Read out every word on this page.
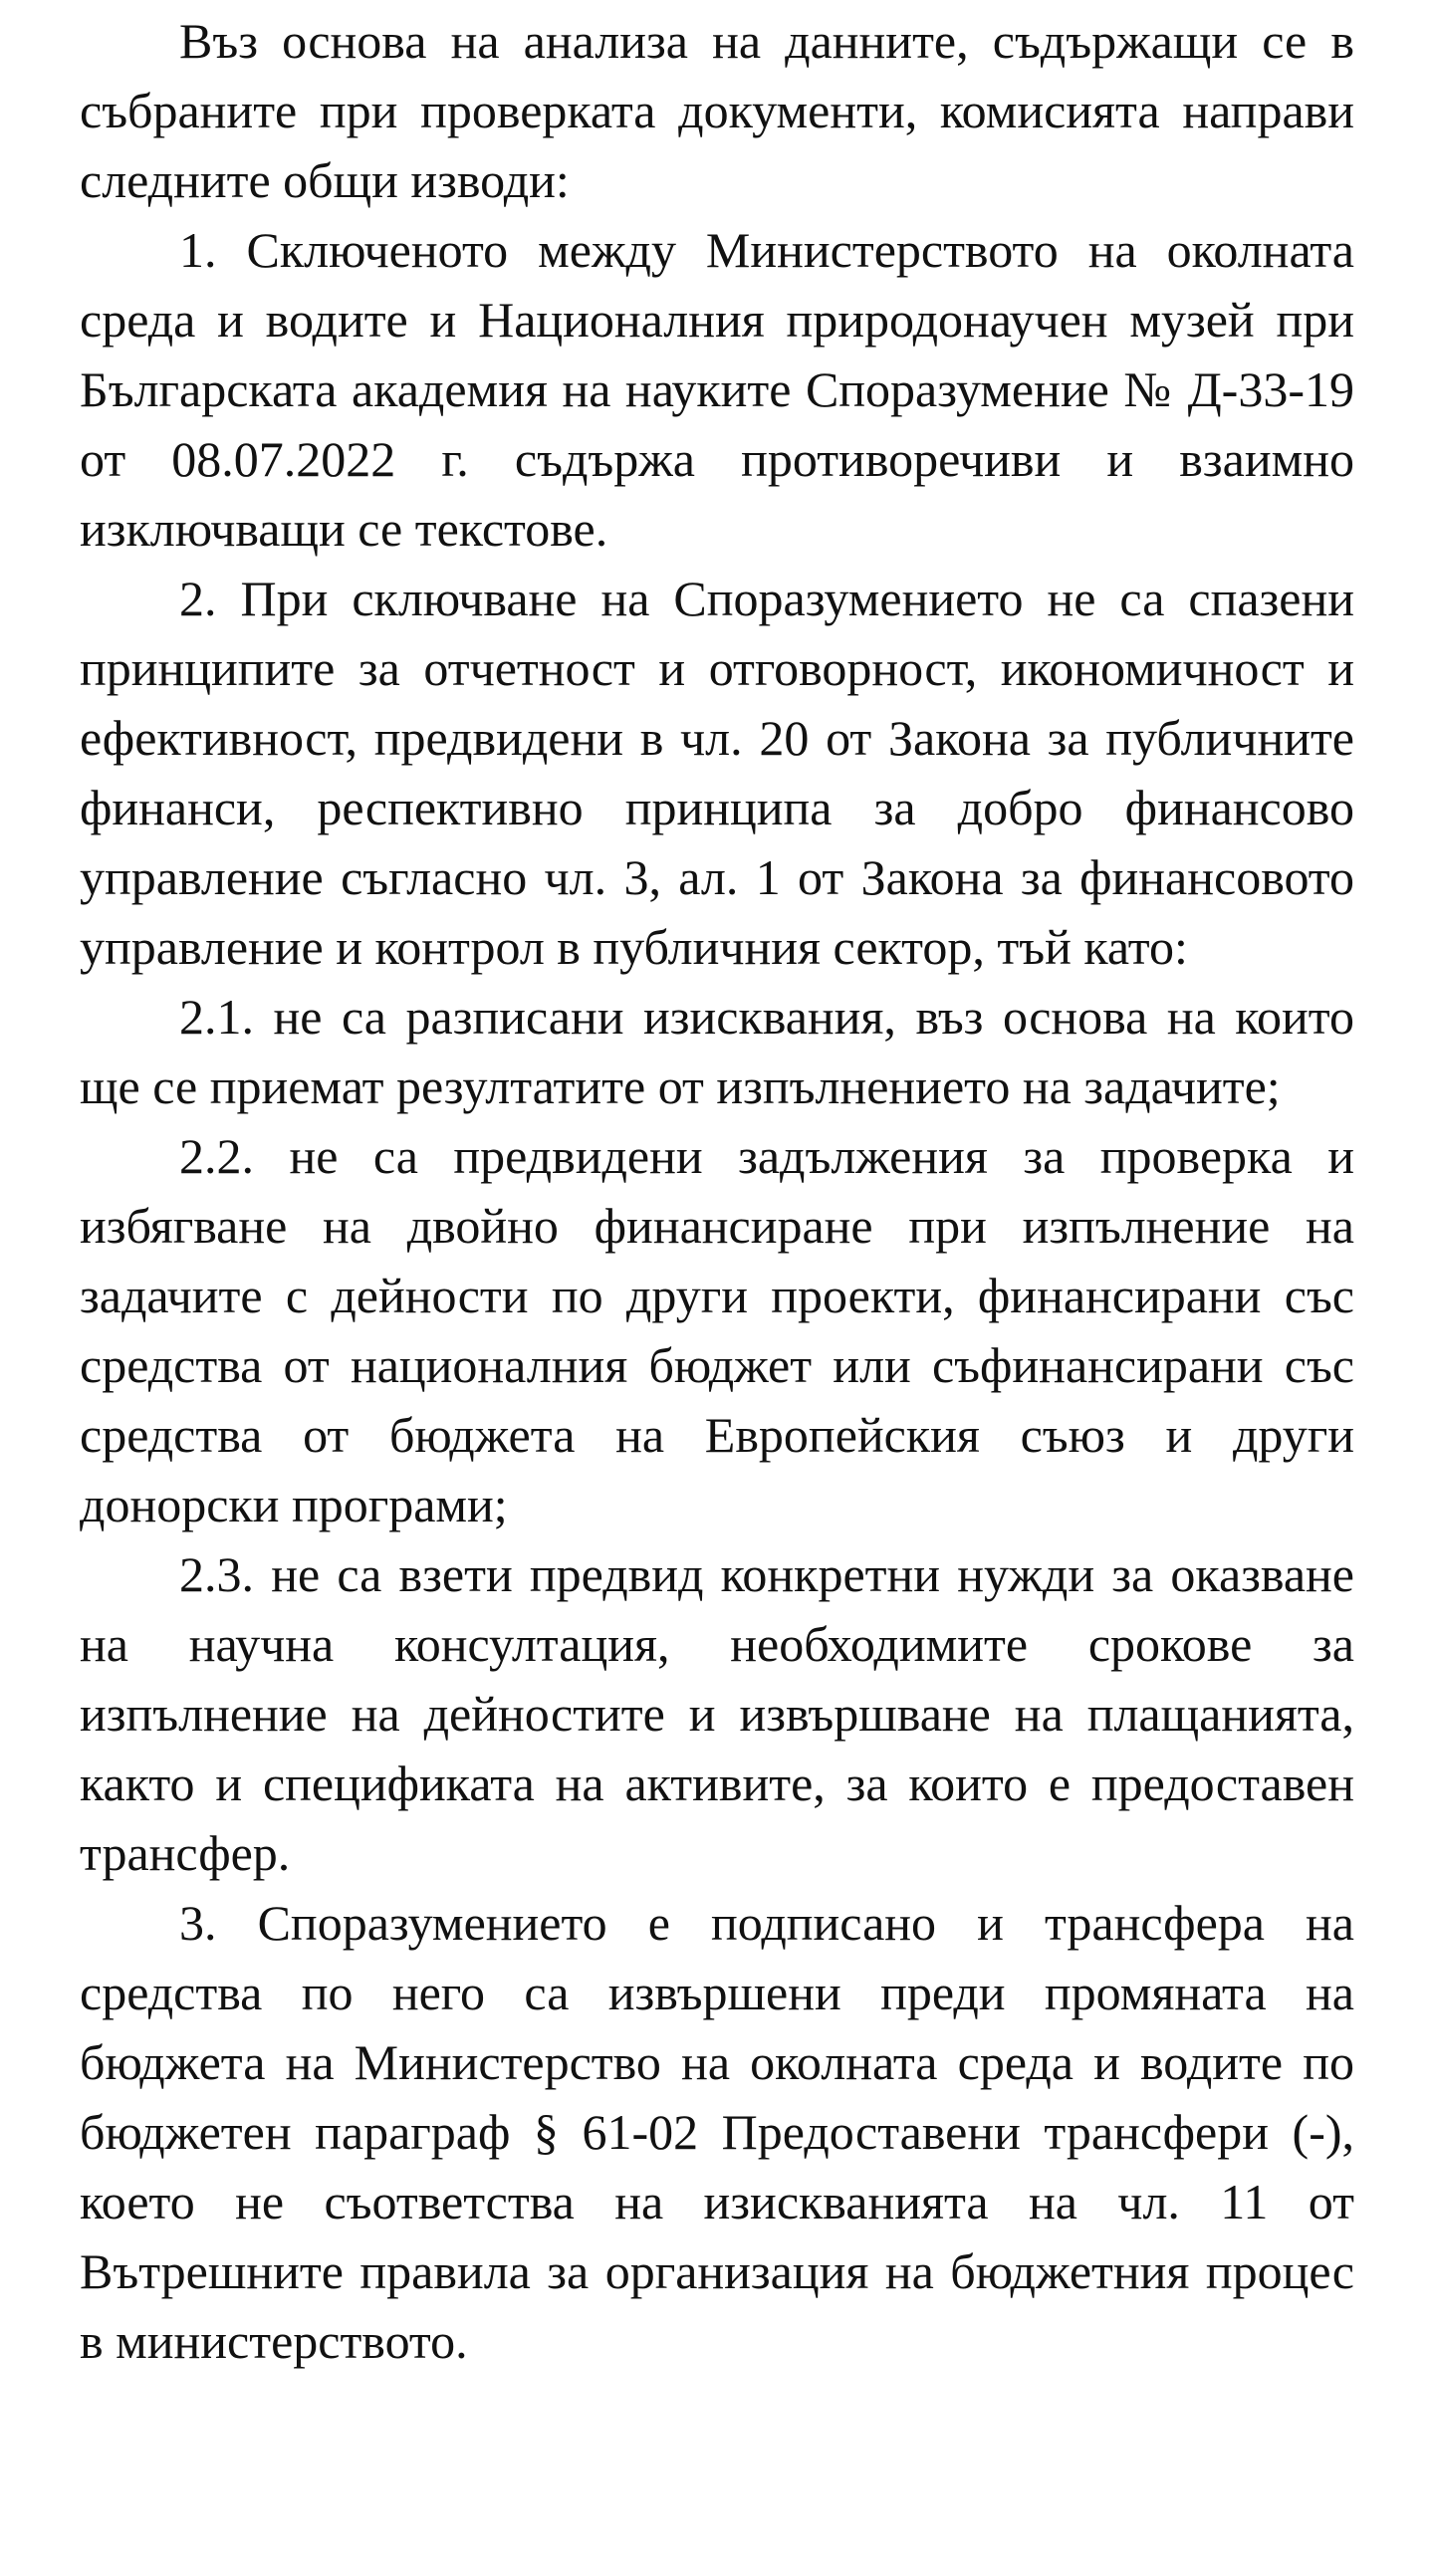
Въз основа на анализа на данните, съдържащи се в събраните при проверката документи, комисията направи следните общи изводи:

1. Сключеното между Министерството на околната среда и водите и Националния природонаучен музей при Българската академия на науките Споразумение № Д-33-19 от 08.07.2022 г. съдържа противоречиви и взаимно изключващи се текстове.

2. При сключване на Споразумението не са спазени принципите за отчетност и отговорност, икономичност и ефективност, предвидени в чл. 20 от Закона за публичните финанси, респективно принципа за добро финансово управление съгласно чл. 3, ал. 1 от Закона за финансовото управление и контрол в публичния сектор, тъй като:

2.1. не са разписани изисквания, въз основа на които ще се приемат резултатите от изпълнението на задачите;

2.2. не са предвидени задължения за проверка и избягване на двойно финансиране при изпълнение на задачите с дейности по други проекти, финансирани със средства от националния бюджет или съфинансирани със средства от бюджета на Европейския съюз и други донорски програми;

2.3. не са взети предвид конкретни нужди за оказване на научна консултация, необходимите срокове за изпълнение на дейностите и извършване на плащанията, както и спецификата на активите, за които е предоставен трансфер.

3. Споразумението е подписано и трансфера на средства по него са извършени преди промяната на бюджета на Министерство на околната среда и водите по бюджетен параграф § 61-02 Предоставени трансфери (-), което не съответства на изискванията на чл. 11 от Вътрешните правила за организация на бюджетния процес в министерството.
